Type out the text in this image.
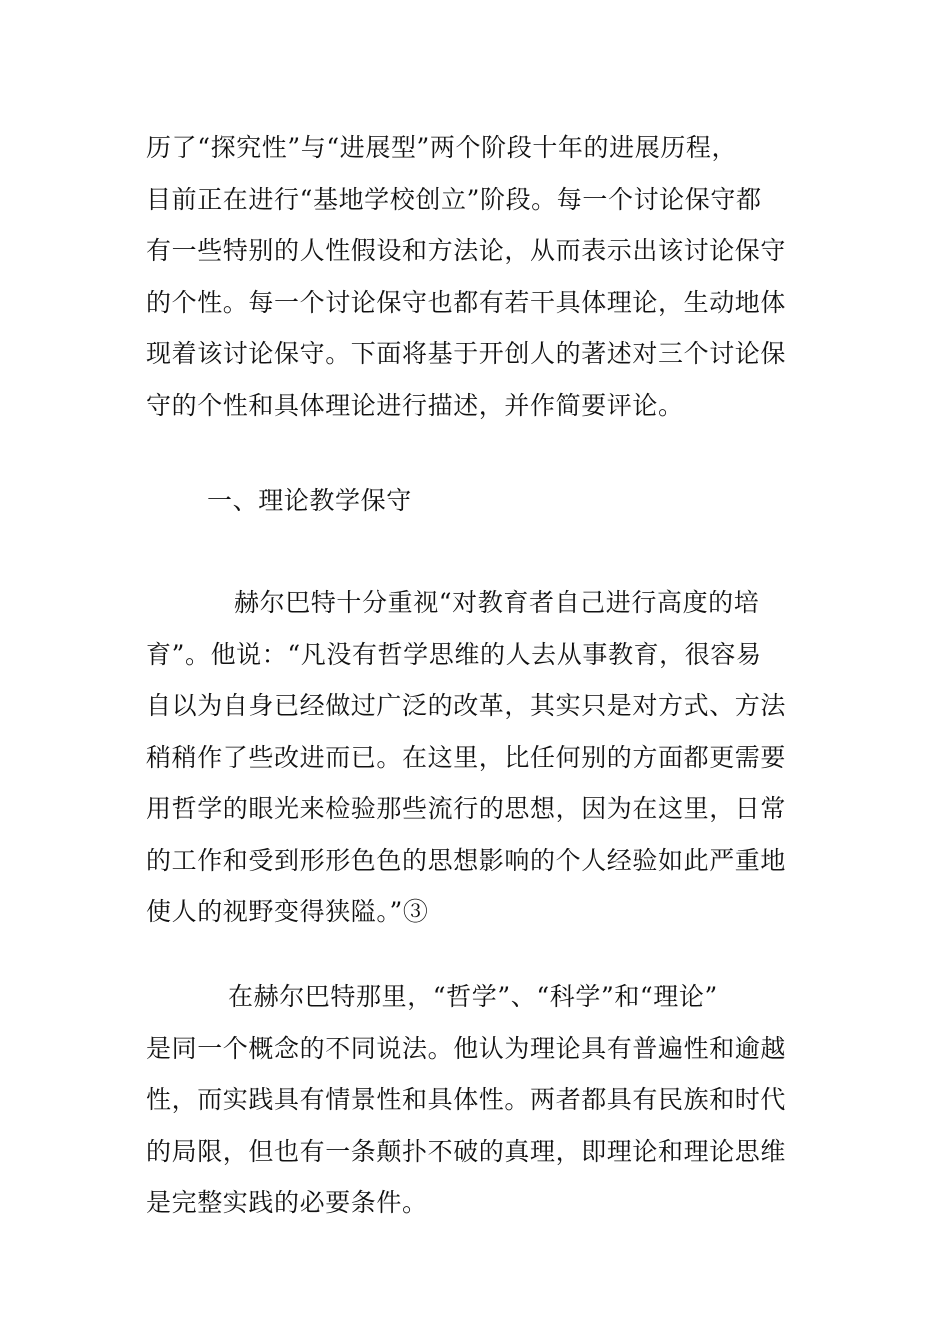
历了“探究性”与“进展型”两个阶段十年的进展历程，
目前正在进行“基地学校创立”阶段。每一个讨论保守都
有一些特别的人性假设和方法论，从而表示出该讨论保守
的个性。每一个讨论保守也都有若干具体理论，生动地体
现着该讨论保守。下面将基于开创人的著述对三个讨论保
守的个性和具体理论进行描述，并作简要评论。
一、理论教学保守
赫尔巴特十分重视“对教育者自己进行高度的培
育”。他说：“凡没有哲学思维的人去从事教育，很容易
自以为自身已经做过广泛的改革，其实只是对方式、方法
稍稍作了些改进而已。在这里，比任何别的方面都更需要
用哲学的眼光来检验那些流行的思想，因为在这里，日常
的工作和受到形形色色的思想影响的个人经验如此严重地
使人的视野变得狭隘。”③
在赫尔巴特那里，“哲学”、“科学”和“理论”
是同一个概念的不同说法。他认为理论具有普遍性和逾越
性，而实践具有情景性和具体性。两者都具有民族和时代
的局限，但也有一条颠扑不破的真理，即理论和理论思维
是完整实践的必要条件。
